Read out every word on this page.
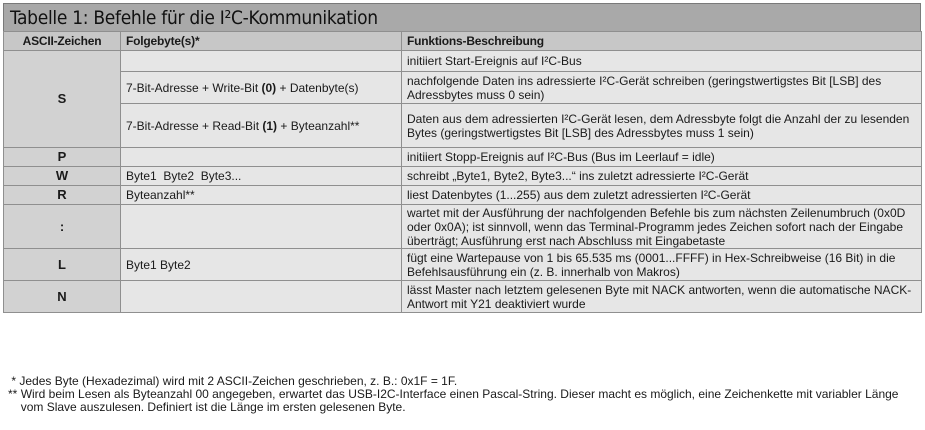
Tabelle 1: Befehle für die I²C-Kommunikation
ASCII-Zeichen	Folgebyte(s)*	Funktions-Beschreibung
S		initiiert Start-Ereignis auf I²C-Bus
	7-Bit-Adresse + Write-Bit (0) + Datenbyte(s)	nachfolgende Daten ins adressierte I²C-Gerät schreiben (geringstwertigstes Bit [LSB] des Adressbytes muss 0 sein)
	7-Bit-Adresse + Read-Bit (1) + Byteanzahl**	Daten aus dem adressierten I²C-Gerät lesen, dem Adressbyte folgt die Anzahl der zu lesenden Bytes (geringstwertigstes Bit [LSB] des Adressbytes muss 1 sein)
P		initiiert Stopp-Ereignis auf I²C-Bus (Bus im Leerlauf = idle)
W	Byte1  Byte2  Byte3...	schreibt „Byte1, Byte2, Byte3...“ ins zuletzt adressierte I²C-Gerät
R	Byteanzahl**	liest Datenbytes (1...255) aus dem zuletzt adressierten I²C-Gerät
:		wartet mit der Ausführung der nachfolgenden Befehle bis zum nächsten Zeilenumbruch (0x0D oder 0x0A); ist sinnvoll, wenn das Terminal-Programm jedes Zeichen sofort nach der Eingabe überträgt; Ausführung erst nach Abschluss mit Eingabetaste
L	Byte1 Byte2	fügt eine Wartepause von 1 bis 65.535 ms (0001...FFFF) in Hex-Schreibweise (16 Bit) in die Befehlsausführung ein (z. B. innerhalb von Makros)
N		lässt Master nach letztem gelesenen Byte mit NACK antworten, wenn die automatische NACK-Antwort mit Y21 deaktiviert wurde
* Jedes Byte (Hexadezimal) wird mit 2 ASCII-Zeichen geschrieben, z. B.: 0x1F = 1F.
** Wird beim Lesen als Byteanzahl 00 angegeben, erwartet das USB-I2C-Interface einen Pascal-String. Dieser macht es möglich, eine Zeichenkette mit variabler Länge vom Slave auszulesen. Definiert ist die Länge im ersten gelesenen Byte.
